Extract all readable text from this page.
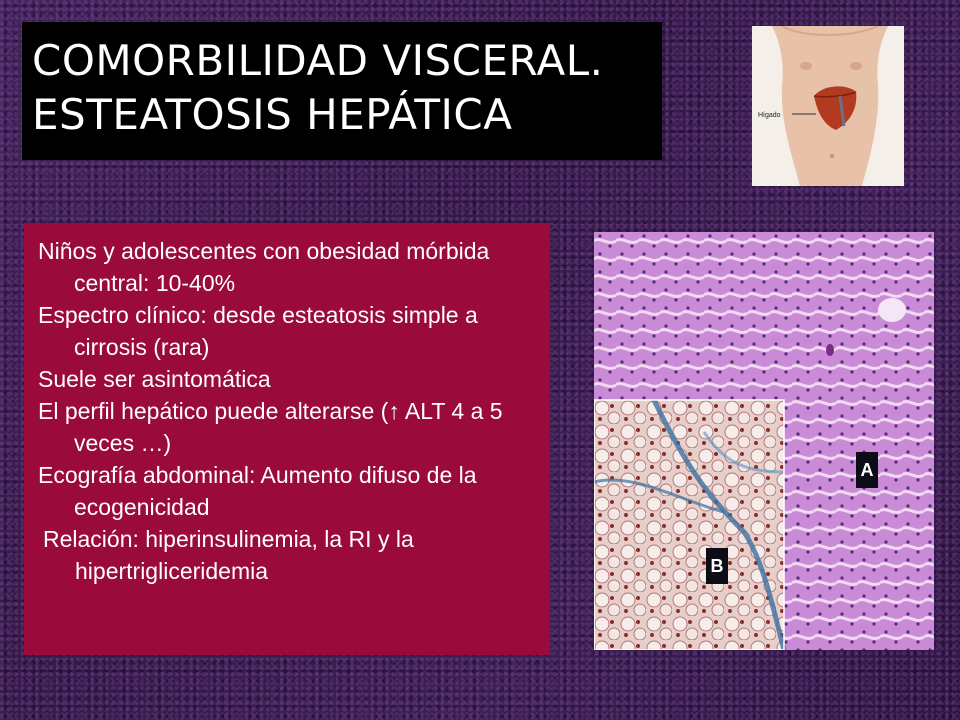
COMORBILIDAD VISCERAL.
ESTEATOSIS HEPÁTICA	Hígado

Niños y adolescentes con obesidad mórbida central: 10-40%

Espectro clínico: desde esteatosis simple a cirrosis (rara)

Suele ser asintomática

El perfil hepático puede alterarse (↑ ALT 4 a 5 veces …)

Ecografía abdominal: Aumento difuso de la ecogenicidad

Relación: hiperinsulinemia, la RI y la hipertrigliceridemia

A
B
